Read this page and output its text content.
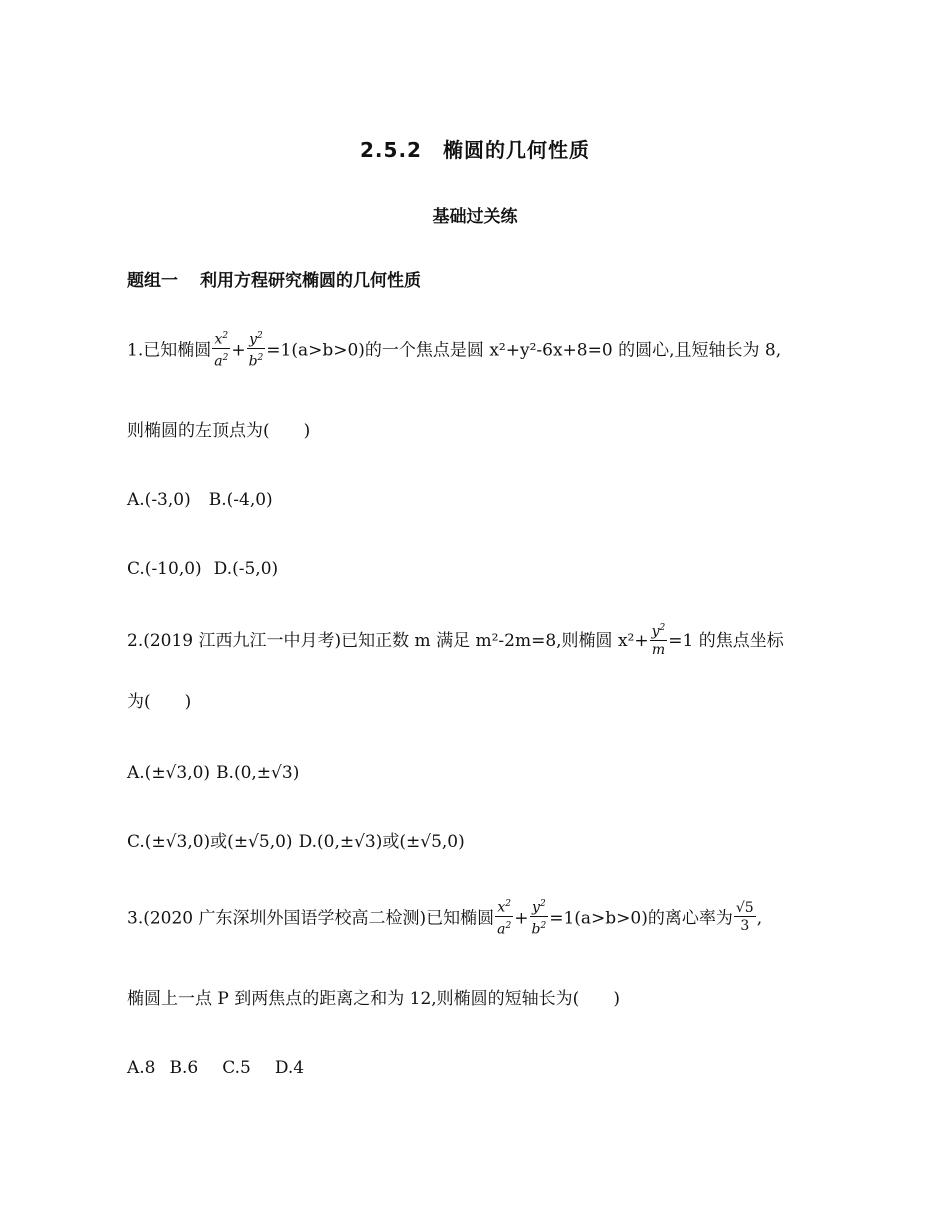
2.5.2　椭圆的几何性质
基础过关练
题组一 利用方程研究椭圆的几何性质
1.已知椭圆 $\frac{x^2}{a^2} + \frac{y^2}{b^2} =1(a>b>0)$的一个焦点是圆 x²+y²-6x+8=0 的圆心,且短轴长为 8,
则椭圆的左顶点为(　　)
A.(-3,0) B.(-4,0)
C.(-10,0) D.(-5,0)
2.(2019 江西九江一中月考)已知正数 m 满足 m²-2m=8,则椭圆 $x^2+ \frac{y^2}{m} =1$ 的焦点坐标
为(　　)
A.(±√3,0) B.(0,±√3)
C.(±√3,0)或(±√5,0) D.(0,±√3)或(±√5,0)
3.(2020 广东深圳外国语学校高二检测)已知椭圆 $\frac{x^2}{a^2} + \frac{y^2}{b^2} =1(a>b>0)$的离心率为 $\frac{√5}{3}$ ,
椭圆上一点 P 到两焦点的距离之和为 12,则椭圆的短轴长为(　　)
A.8 B.6 C.5 D.4
